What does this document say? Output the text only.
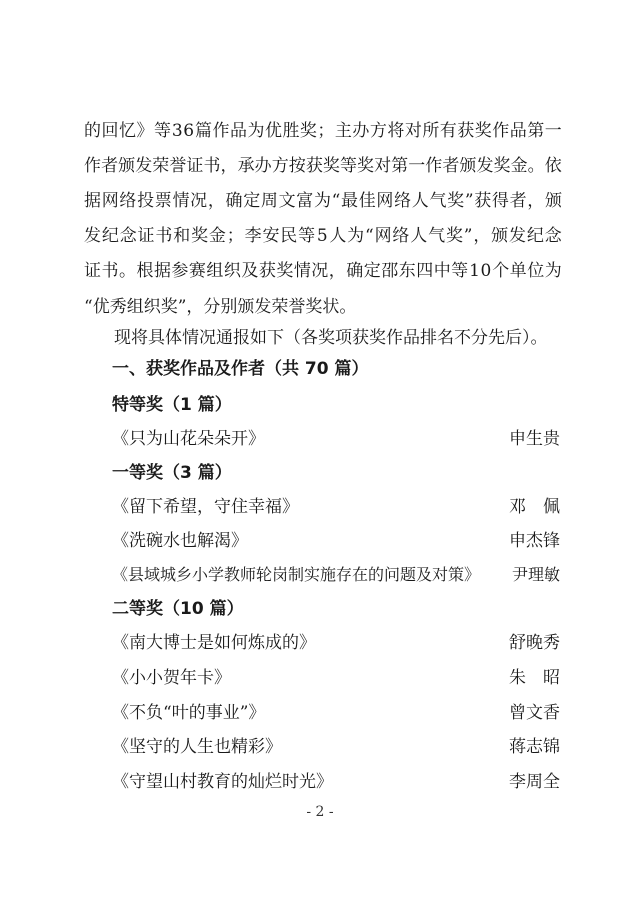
的 回 忆 》 等 3 6 篇 作 品 为 优 胜 奖 ； 主 办 方 将 对 所 有 获 奖 作 品 第 一
作 者 颁 发 荣 誉 证 书 ， 承 办 方 按 获 奖 等 奖 对 第 一 作 者 颁 发 奖 金 。 依
据 网 络 投 票 情 况 ， 确 定 周 文 富 为 “ 最 佳 网 络 人 气 奖 ” 获 得 者 ， 颁
发 纪 念 证 书 和 奖 金 ； 李 安 民 等 5 人 为 “ 网 络 人 气 奖 ” ， 颁 发 纪 念
证 书 。 根 据 参 赛 组 织 及 获 奖 情 况 ， 确 定 邵 东 四 中 等 1 0 个 单 位 为
“优秀组织奖”，分别颁发荣誉奖状。
现将具体情况通报如下（各奖项获奖作品排名不分先后）。
一、获奖作品及作者（共 70 篇）
特等奖（1 篇）
《只为山花朵朵开》	申生贵
一等奖（3 篇）
《留下希望，守住幸福》	邓　佩
《洗碗水也解渴》	申杰锋
《县域城乡小学教师轮岗制实施存在的问题及对策》 尹理敏
二等奖（10 篇）
《南大博士是如何炼成的》	舒晚秀
《小小贺年卡》	朱　昭
《不负“叶的事业”》	曾文香
《坚守的人生也精彩》	蒋志锦
《守望山村教育的灿烂时光》	李周全
- 2 -
